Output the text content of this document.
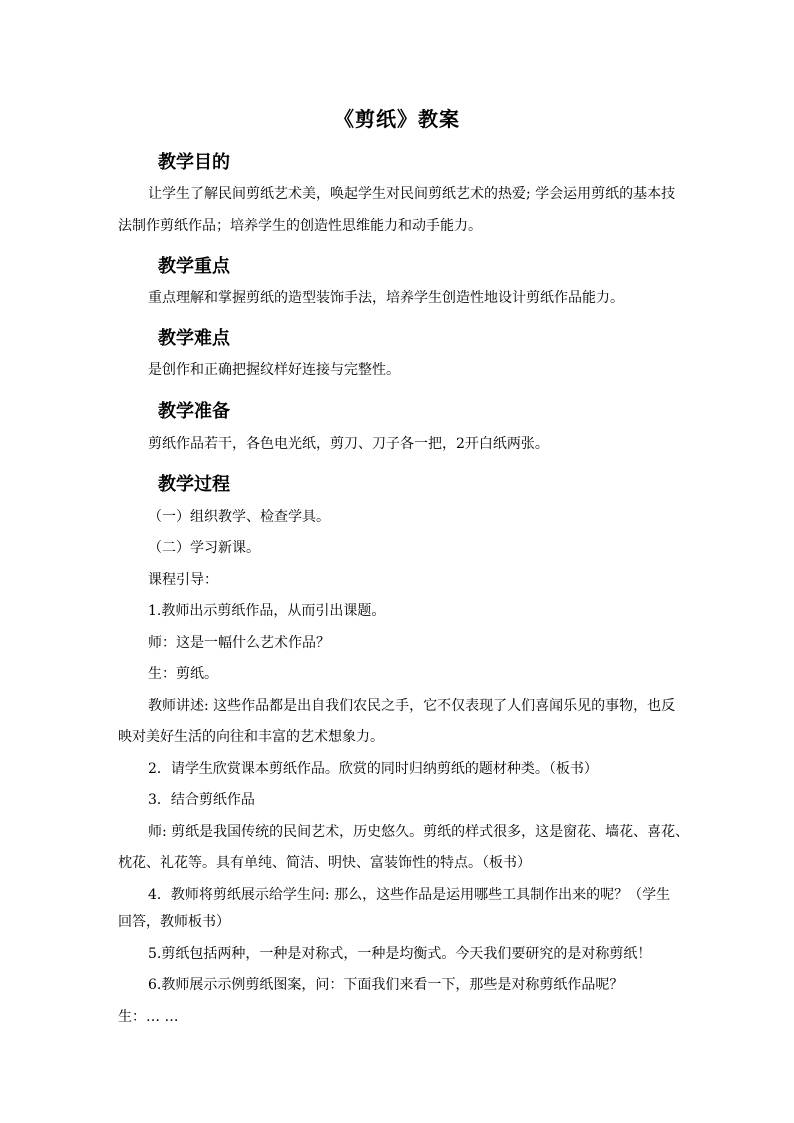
《剪纸》教案
教学目的
让学生了解民间剪纸艺术美，唤起学生对民间剪纸艺术的热爱; 学会运用剪纸的基本技
法制作剪纸作品；培养学生的创造性思维能力和动手能力。
教学重点
重点理解和掌握剪纸的造型装饰手法，培养学生创造性地设计剪纸作品能力。
教学难点
是创作和正确把握纹样好连接与完整性。
教学准备
剪纸作品若干，各色电光纸，剪刀、刀子各一把，2开白纸两张。
教学过程
（一）组织教学、检查学具。
（二）学习新课。
课程引导：
1.教师出示剪纸作品，从而引出课题。
师：这是一幅什么艺术作品？
生：剪纸。
教师讲述: 这些作品都是出自我们农民之手，它不仅表现了人们喜闻乐见的事物，也反
映对美好生活的向往和丰富的艺术想象力。
2．请学生欣赏课本剪纸作品。欣赏的同时归纳剪纸的题材种类。（板书）
3．结合剪纸作品
师: 剪纸是我国传统的民间艺术，历史悠久。剪纸的样式很多，这是窗花、墙花、喜花、
枕花、礼花等。具有单纯、简洁、明快、富装饰性的特点。（板书）
4．教师将剪纸展示给学生问: 那么，这些作品是运用哪些工具制作出来的呢？（学生
回答，教师板书）
5.剪纸包括两种，一种是对称式，一种是均衡式。今天我们要研究的是对称剪纸！
6.教师展示示例剪纸图案，问：下面我们来看一下，那些是对称剪纸作品呢？
生：… …
